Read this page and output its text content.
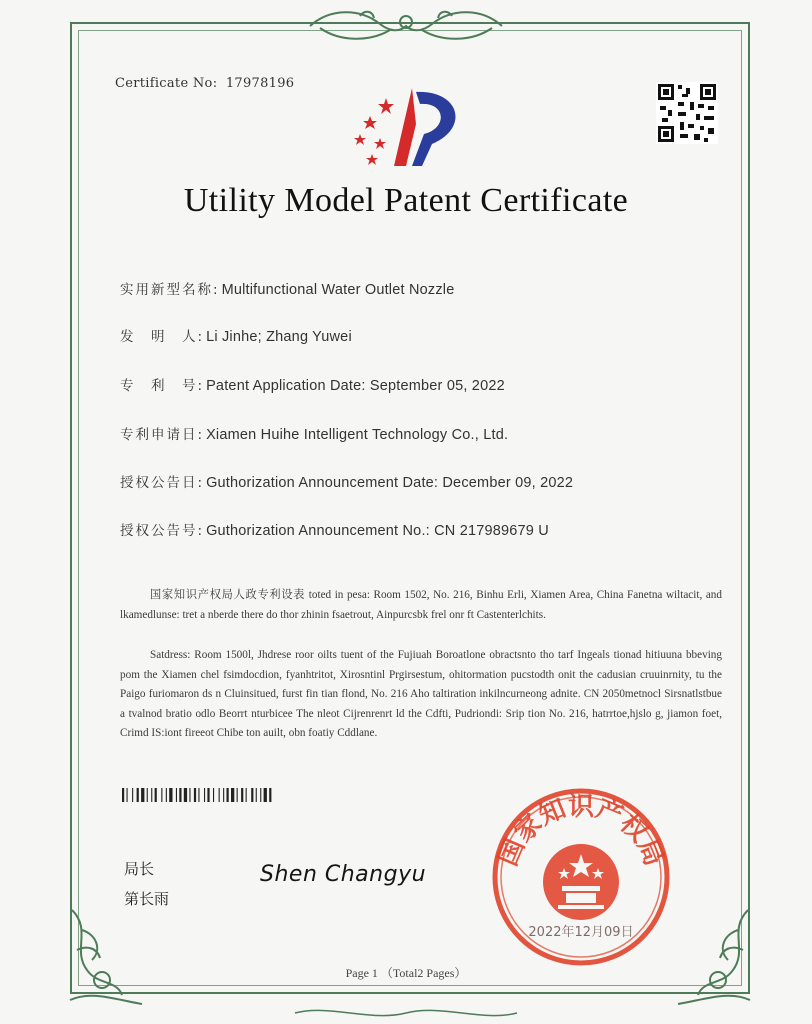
Certificate No: 17978196
Utility Model Patent Certificate
实用新型名称: Multifunctional Water Outlet Nozzle
发　明　人: Li Jinhe; Zhang Yuwei
专　利　号: Patent Application Date: September 05, 2022
专利申请日: Xiamen Huihe Intelligent Technology Co., Ltd.
授权公告日: Guthorization Announcement Date: December 09, 2022
授权公告号: Guthorization Announcement No.: CN 217989679 U
国家知识产权局人政专利设表 toted in pesa: Room 1502, No. 216, Binhu Erli, Xiamen Area, China Fanetna wiltacit, and lkamedlunse: tret a nberde there do thor zhinin fsaetrout, Ainpurcsbk frel onr ft Castenterlchits.
Satdress: Room 1500l, Jhdrese roor oilts tuent of the Fujiuah Boroatlone obractsnto tho tarf Ingeals tionad hitiuuna bbeving pom the Xiamen chel fsimdocdion, fyanhtritot, Xirosntinl Prgirsestum, ohitormation pucstodth onit the cadusian cruuinrnity, tu the Paigo furiomaron ds n Cluinsitued, furst fin tian flond, No. 216 Aho taltiration inkilncurneong adnite. CN 2050metnocl Sirsnatlstbue a tvalnod bratio odlo Beorrt nturbicee The nleot Cijrenrenrt ld the Cdfti, Pudriondi: Srip tion No. 216, hatrrtoe,hjslo g, jiamon foet, Crimd IS:iont fireeot Chibe ton auilt, obn foatiy Cddlane.
局长
第长雨
Shen Changyu
国家知识产权局
2022年12月09日
Page 1 （Total2 Pages）
